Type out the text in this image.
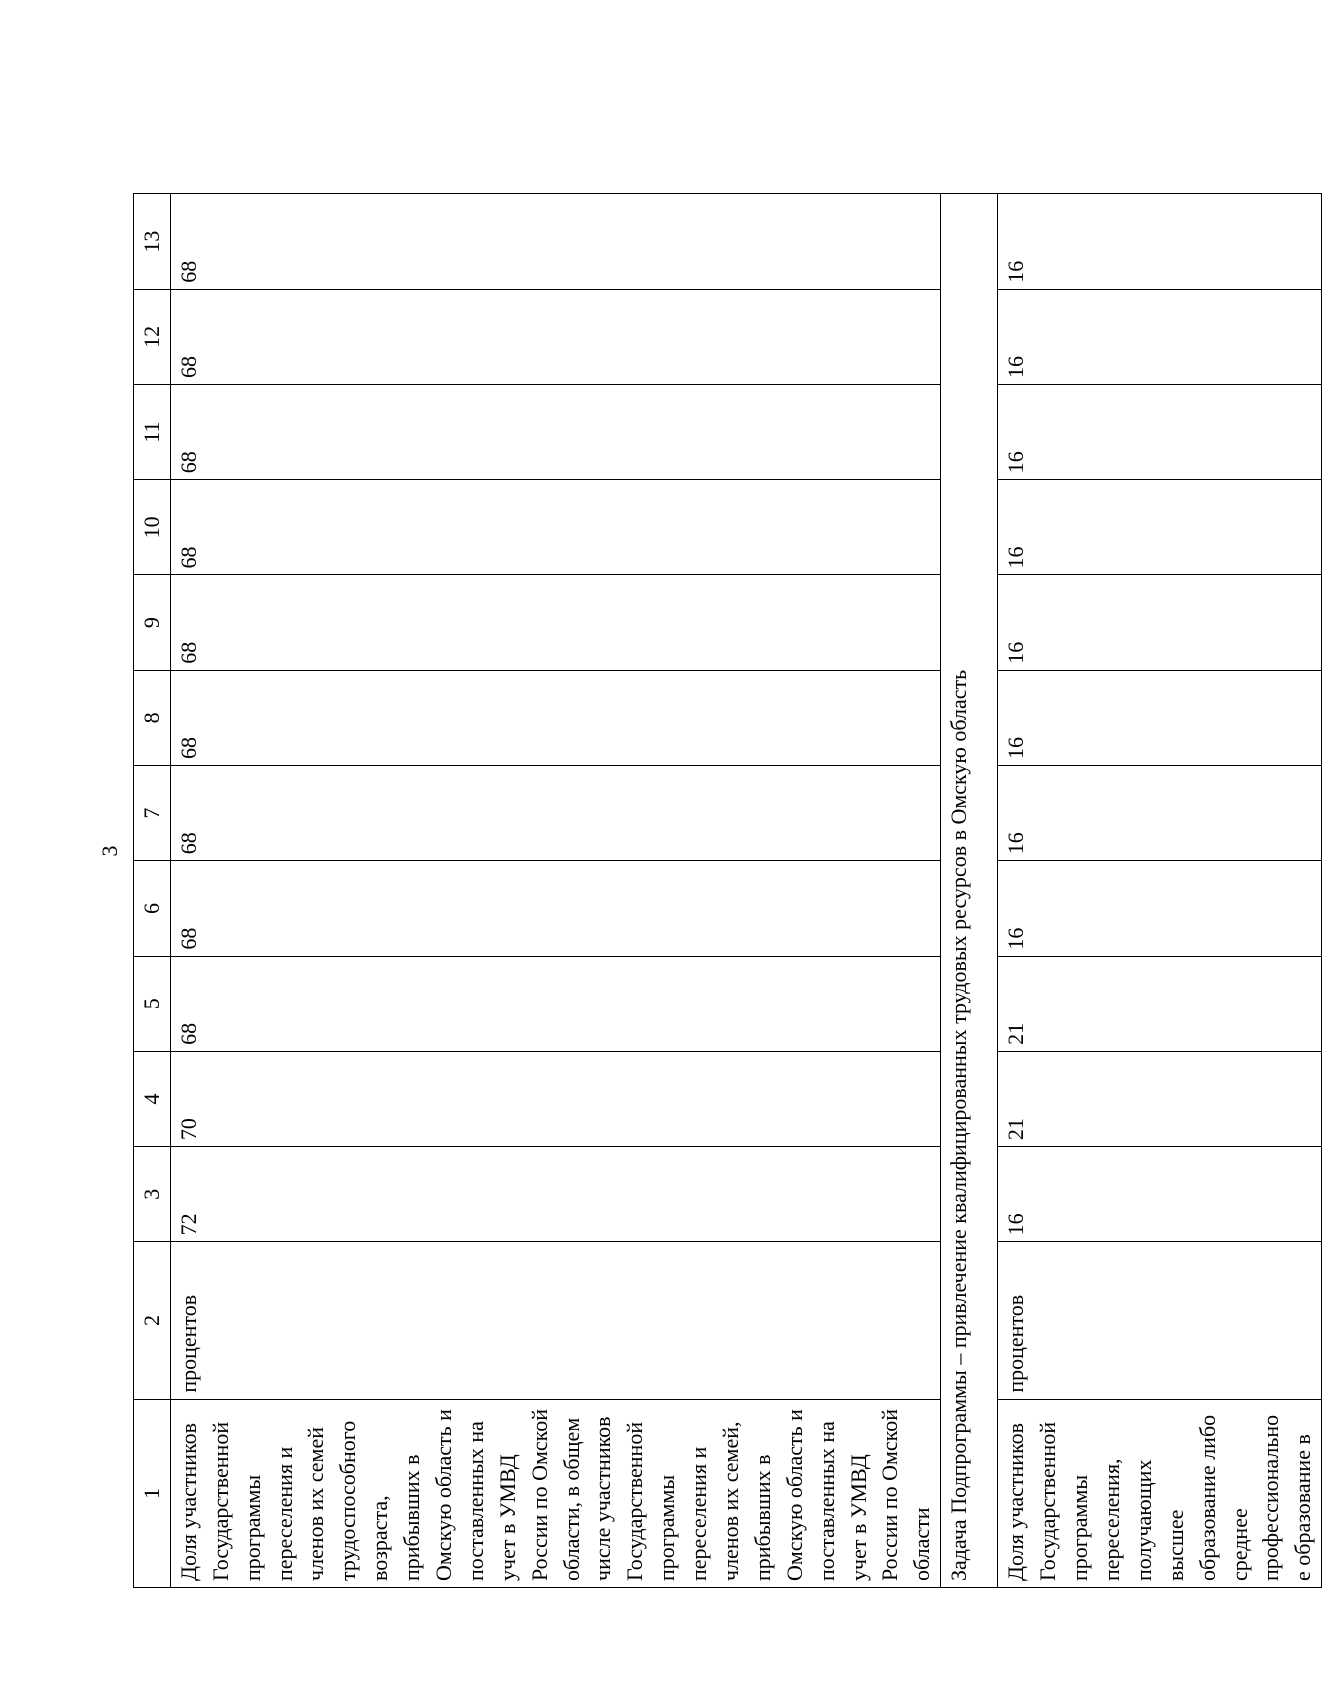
3
1	2	3	4	5	6	7	8	9	10	11	12	13
Доля участников Государственной программы переселения и членов их семей трудоспособного возраста, прибывших в Омскую область и поставленных на учет в УМВД России по Омской области, в общем числе участников Государственной программы переселения и членов их семей, прибывших в Омскую область и поставленных на учет в УМВД России по Омской области	процентов	72	70	68	68	68	68	68	68	68	68	68
Задача Подпрограммы – привлечение квалифицированных трудовых ресурсов в Омскую область												
Доля участников Государственной программы переселения, получающих высшее образование либо среднее профессиональное образование в	процентов	16	21	21	16	16	16	16	16	16	16	16
